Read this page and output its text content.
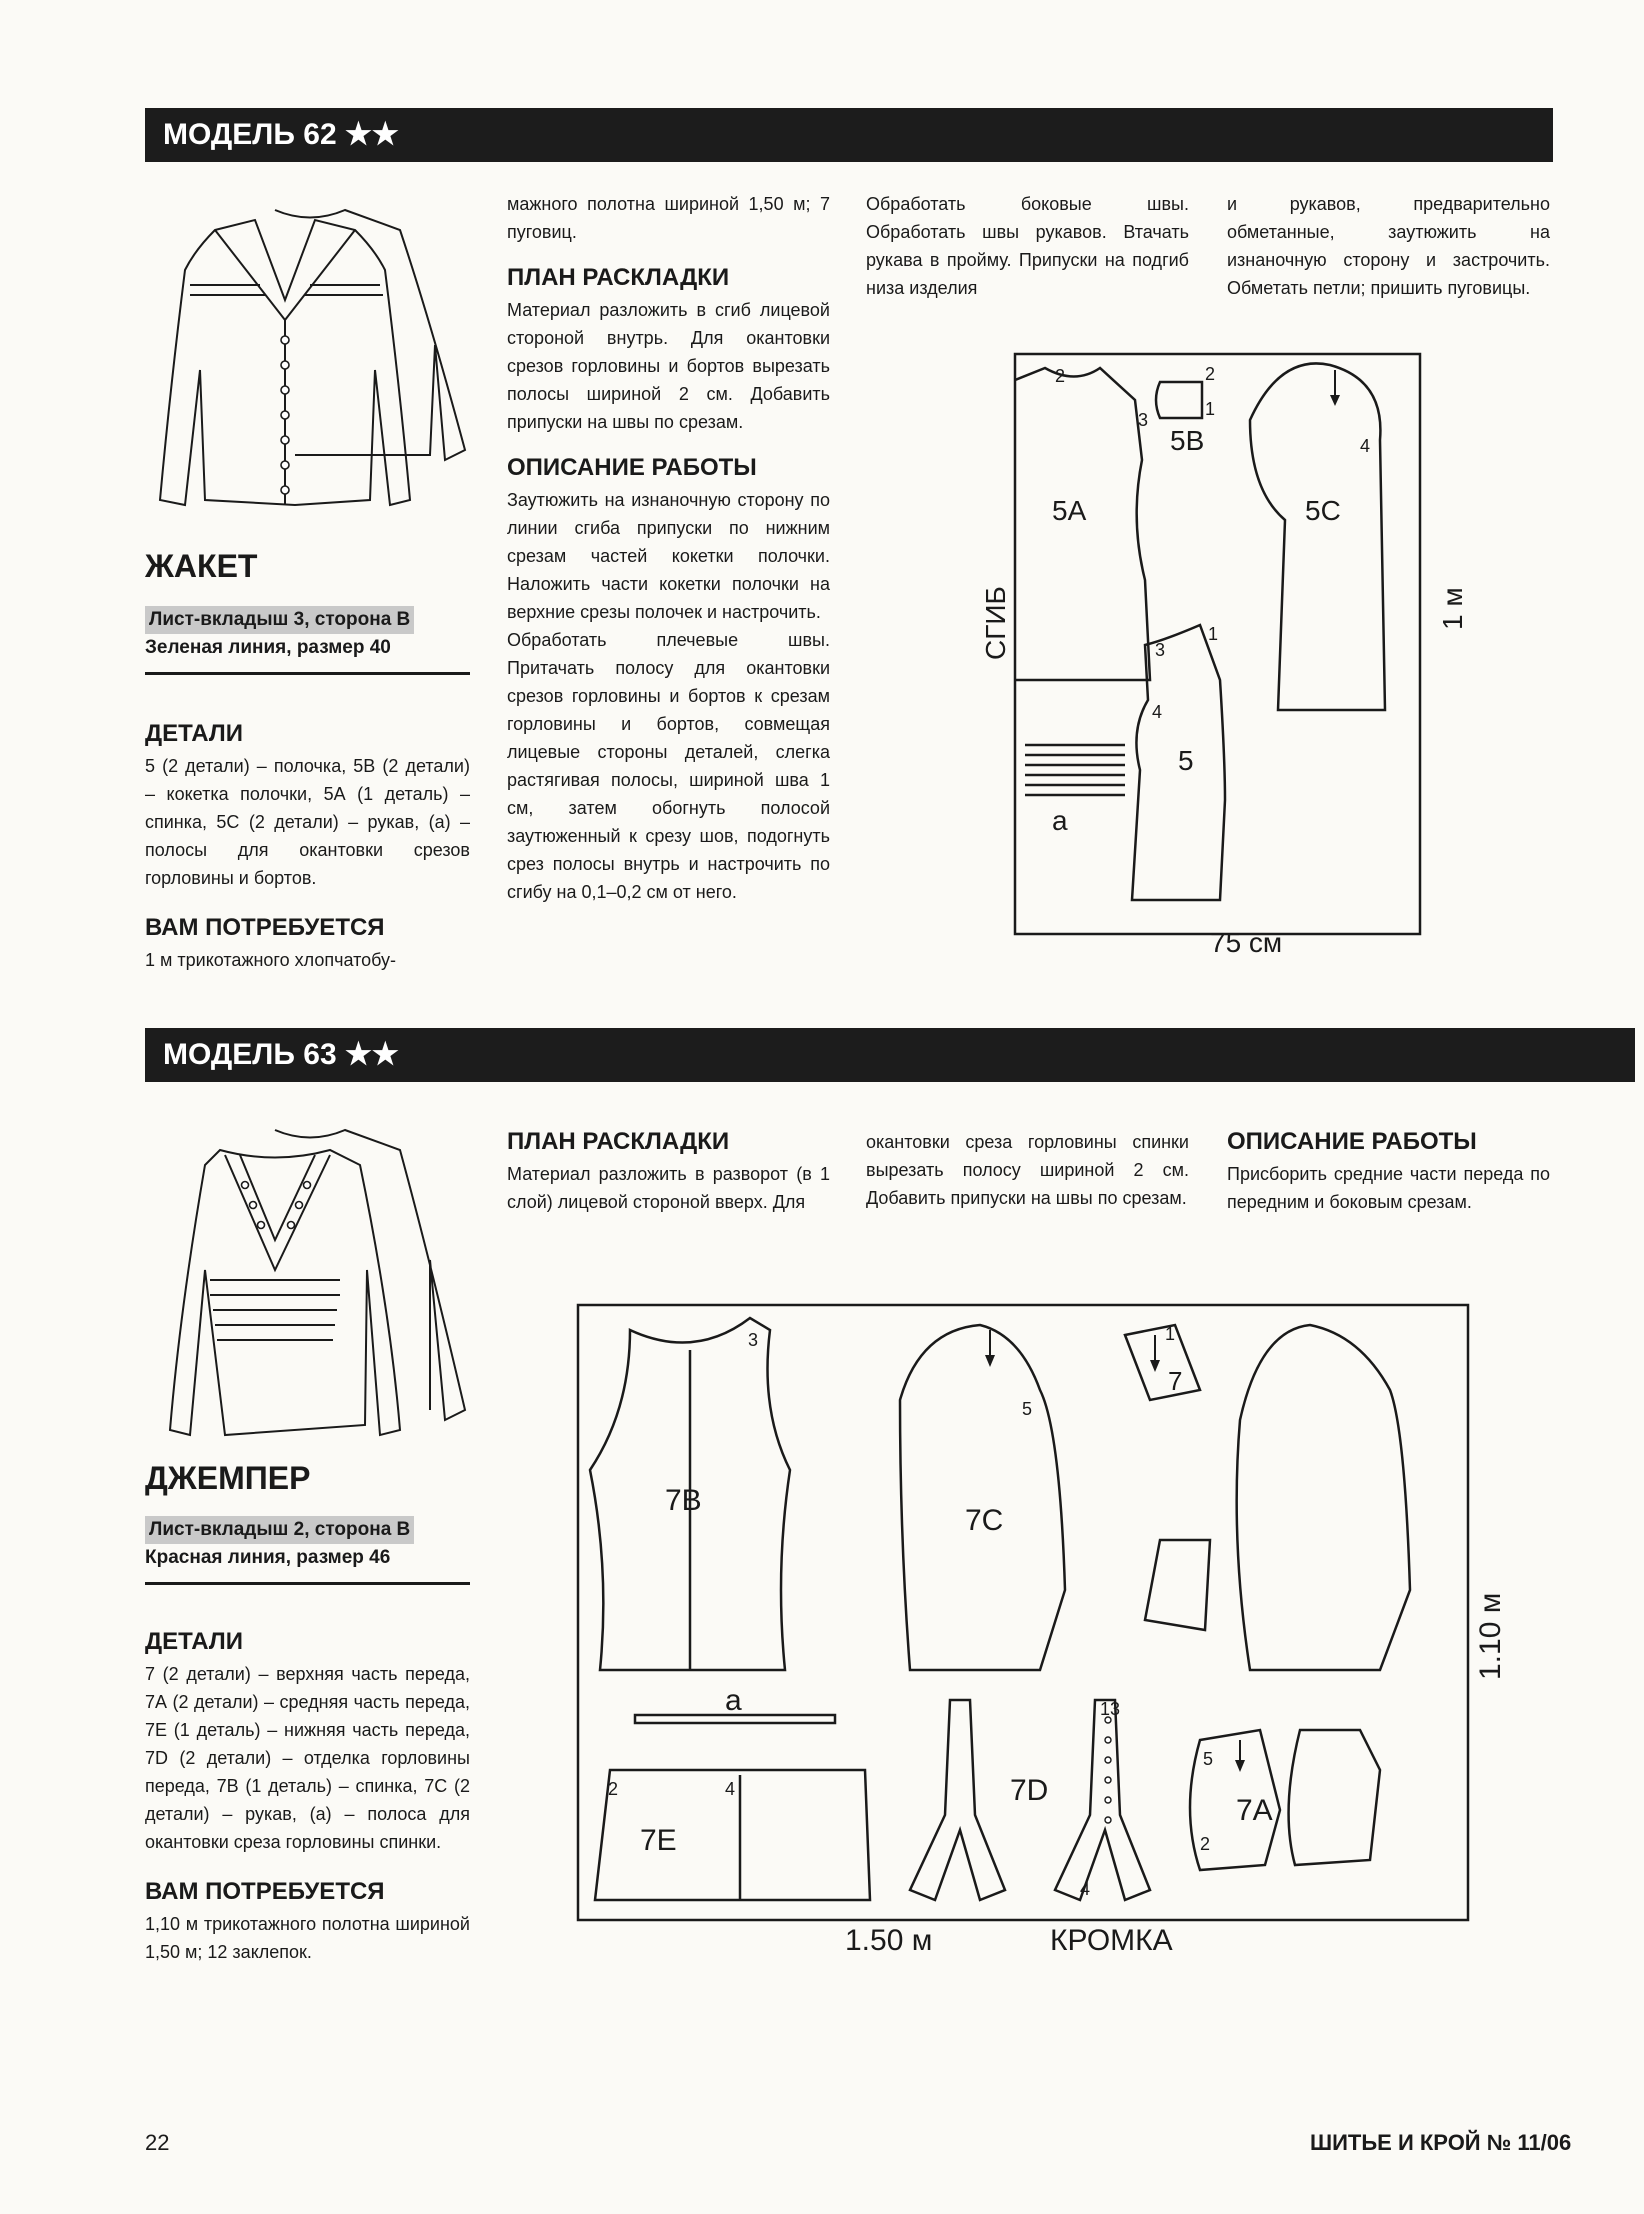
МОДЕЛЬ 62 ★★
ЖАКЕТ
Лист-вкладыш 3, сторона В
Зеленая линия, размер 40
ДЕТАЛИ
5 (2 детали) – полочка, 5В (2 детали) – кокетка полочки, 5А (1 деталь) – спинка, 5С (2 детали) – рукав, (а) – полосы для окантовки срезов горловины и бортов.
ВАМ ПОТРЕБУЕТСЯ
1 м трикотажного хлопчатобу-
мажного полотна шириной 1,50 м; 7 пуговиц.
ПЛАН РАСКЛАДКИ
Материал разложить в сгиб лицевой стороной внутрь. Для окантовки срезов горловины и бортов вырезать полосы шириной 2 см. Добавить припуски на швы по срезам.
ОПИСАНИЕ РАБОТЫ
Заутюжить на изнаночную сторону по линии сгиба припуски по нижним срезам частей кокетки полочки. Наложить части кокетки полочки на верхние срезы полочек и настрочить.
Обработать плечевые швы. Притачать полосу для окантовки срезов горловины и бортов к срезам горловины и бортов, совмещая лицевые стороны деталей, слегка растягивая полосы, шириной шва 1 см, затем обогнуть полосой заутюженный к срезу шов, подогнуть срез полосы внутрь и настрочить по сгибу на 0,1–0,2 см от него.
Обработать боковые швы. Обработать швы рукавов. Втачать рукава в пройму. Припуски на подгиб низа изделия
и рукавов, предварительно обметанные, заутюжить на изнаночную сторону и застрочить. Обметать петли; пришить пуговицы.
5А
5В
5С
5
а
75 см
СГИБ	1 м
2	2
1
3
4
1
3
4
МОДЕЛЬ 63 ★★
ДЖЕМПЕР
Лист-вкладыш 2, сторона В
Красная линия, размер 46
ДЕТАЛИ
7 (2 детали) – верхняя часть переда, 7А (2 детали) – средняя часть переда, 7Е (1 деталь) – нижняя часть переда, 7D (2 детали) – отделка горловины переда, 7В (1 деталь) – спинка, 7С (2 детали) – рукав, (а) – полоса для окантовки среза горловины спинки.
ВАМ ПОТРЕБУЕТСЯ
1,10 м трикотажного полотна шириной 1,50 м; 12 заклепок.
ПЛАН РАСКЛАДКИ
Материал разложить в разворот (в 1 слой) лицевой стороной вверх. Для
окантовки среза горловины спинки вырезать полосу шириной 2 см. Добавить припуски на швы по срезам.
ОПИСАНИЕ РАБОТЫ
Присборить средние части переда по передним и боковым срезам.
7В
7С
7
а
7Е
7D
7А
1.50 м	КРОМКА
1.10 м
3
5
1
2	4
13
4
5
2
22	ШИТЬЕ И КРОЙ № 11/06
